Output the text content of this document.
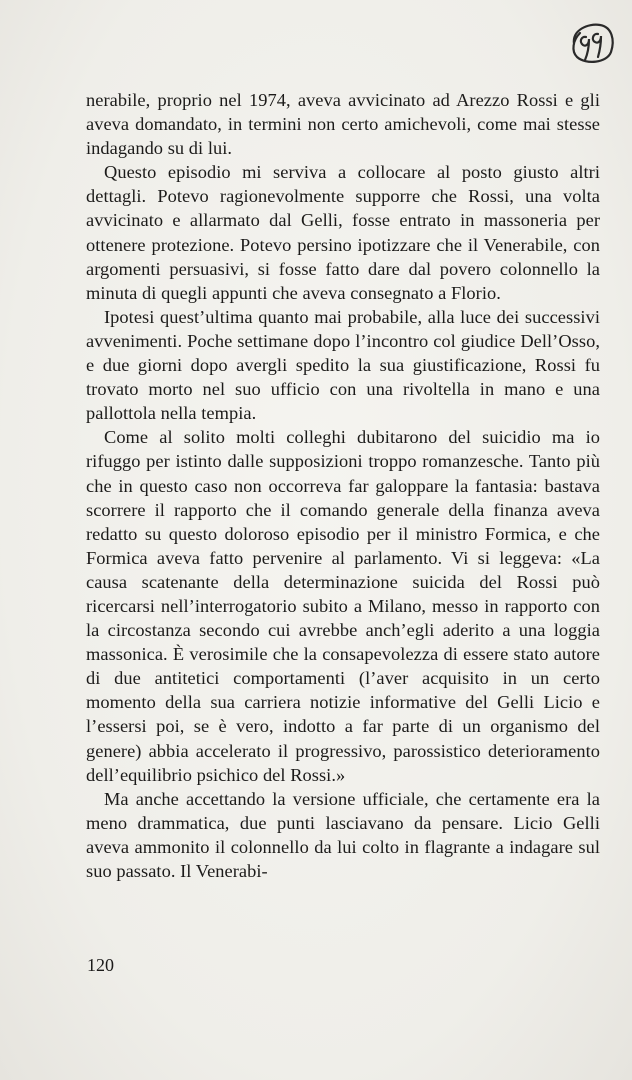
nerabile, proprio nel 1974, aveva avvicinato ad Arezzo Rossi e gli aveva domandato, in termini non certo amichevoli, come mai stesse indagando su di lui.

Questo episodio mi serviva a collocare al posto giusto altri dettagli. Potevo ragionevolmente supporre che Rossi, una volta avvicinato e allarmato dal Gelli, fosse entrato in massoneria per ottenere protezione. Potevo persino ipotizzare che il Venerabile, con argomenti persuasivi, si fosse fatto dare dal povero colonnello la minuta di quegli appunti che aveva consegnato a Florio.

Ipotesi quest’ultima quanto mai probabile, alla luce dei successivi avvenimenti. Poche settimane dopo l’incontro col giudice Dell’Osso, e due giorni dopo avergli spedito la sua giustificazione, Rossi fu trovato morto nel suo ufficio con una rivoltella in mano e una pallottola nella tempia.

Come al solito molti colleghi dubitarono del suicidio ma io rifuggo per istinto dalle supposizioni troppo romanzesche. Tanto più che in questo caso non occorreva far galoppare la fantasia: bastava scorrere il rapporto che il comando generale della finanza aveva redatto su questo doloroso episodio per il ministro Formica, e che Formica aveva fatto pervenire al parlamento. Vi si leggeva: «La causa scatenante della determinazione suicida del Rossi può ricercarsi nell’interrogatorio subito a Milano, messo in rapporto con la circostanza secondo cui avrebbe anch’egli aderito a una loggia massonica. È verosimile che la consapevolezza di essere stato autore di due antitetici comportamenti (l’aver acquisito in un certo momento della sua carriera notizie informative del Gelli Licio e l’essersi poi, se è vero, indotto a far parte di un organismo del genere) abbia accelerato il progressivo, parossistico deterioramento dell’equilibrio psichico del Rossi.»

Ma anche accettando la versione ufficiale, che certamente era la meno drammatica, due punti lasciavano da pensare. Licio Gelli aveva ammonito il colonnello da lui colto in flagrante a indagare sul suo passato. Il Venerabi-

120
